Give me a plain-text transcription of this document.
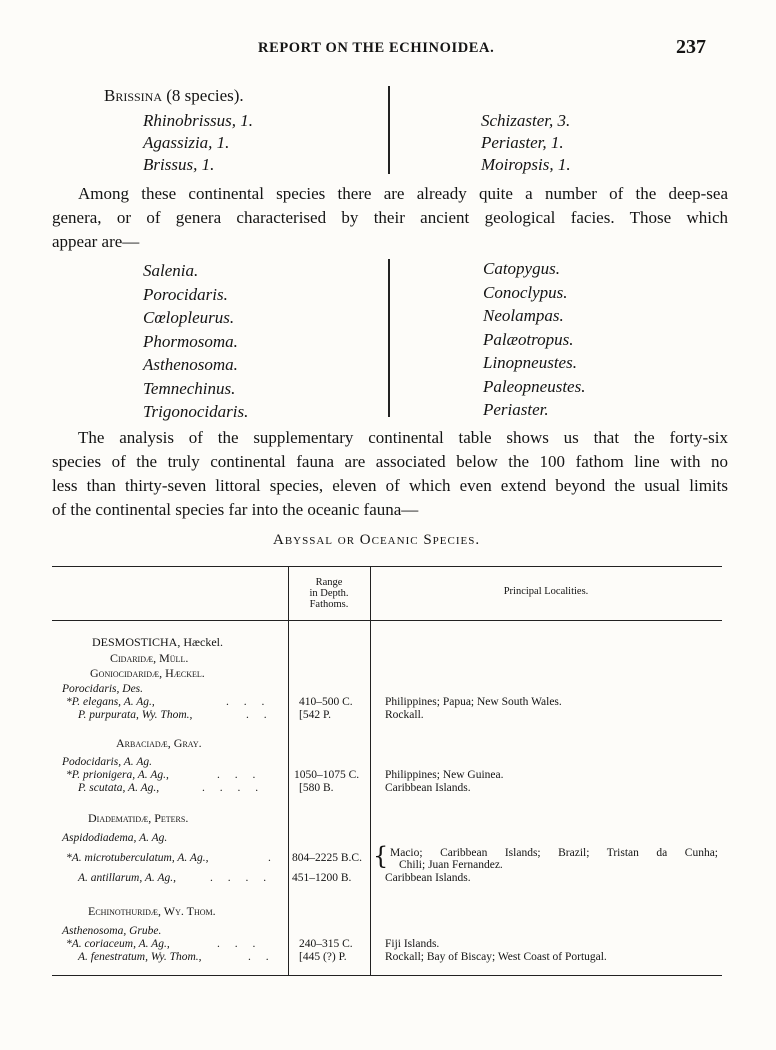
REPORT ON THE ECHINOIDEA.	237
Brissina (8 species).
Rhinobrissus, 1.
Agassizia, 1.
Brissus, 1.
Schizaster, 3.
Periaster, 1.
Moiropsis, 1.
Among these continental species there are already quite a number of the deep-sea
genera, or of genera characterised by their ancient geological facies. Those which
appear are—
Salenia.
Porocidaris.
Cœlopleurus.
Phormosoma.
Asthenosoma.
Temnechinus.
Trigonocidaris.
Catopygus.
Conoclypus.
Neolampas.
Palæotropus.
Linopneustes.
Paleopneustes.
Periaster.
The analysis of the supplementary continental table shows us that the forty-six
species of the truly continental fauna are associated below the 100 fathom line with no
less than thirty-seven littoral species, eleven of which even extend beyond the usual limits
of the continental species far into the oceanic fauna—
Abyssal or Oceanic Species.
Range
in Depth.
Fathoms.
Principal Localities.
DESMOSTICHA, Hæckel.
Cidaridæ, Müll.
Goniocidaridæ, Hæckel.
Porocidaris, Des.
*P. elegans, A. Ag.,	. . . 410–500 C.	Philippines; Papua; New South Wales.
P. purpurata, Wy. Thom.,	. . [542 P.	Rockall.
Arbaciadæ, Gray.
Podocidaris, A. Ag.
*P. prionigera, A. Ag.,	. . .	1050–1075 C. Philippines; New Guinea.
P. scutata, A. Ag.,	. . . .	[580 B.	Caribbean Islands.
Diadematidæ, Peters.
Aspidodiadema, A. Ag.
*A. microtuberculatum, A. Ag.,	. 804–2225 B.C. { Macio; Caribbean Islands; Brazil; Tristan da Cunha;
Chili; Juan Fernandez.
A. antillarum, A. Ag.,	. . . . 451–1200 B.	Caribbean Islands.
Echinothuridæ, Wy. Thom.
Asthenosoma, Grube.
*A. coriaceum, A. Ag.,	. . .	240–315 C.	Fiji Islands.
A. fenestratum, Wy. Thom.,	. . [445 (?) P.	Rockall; Bay of Biscay; West Coast of Portugal.
